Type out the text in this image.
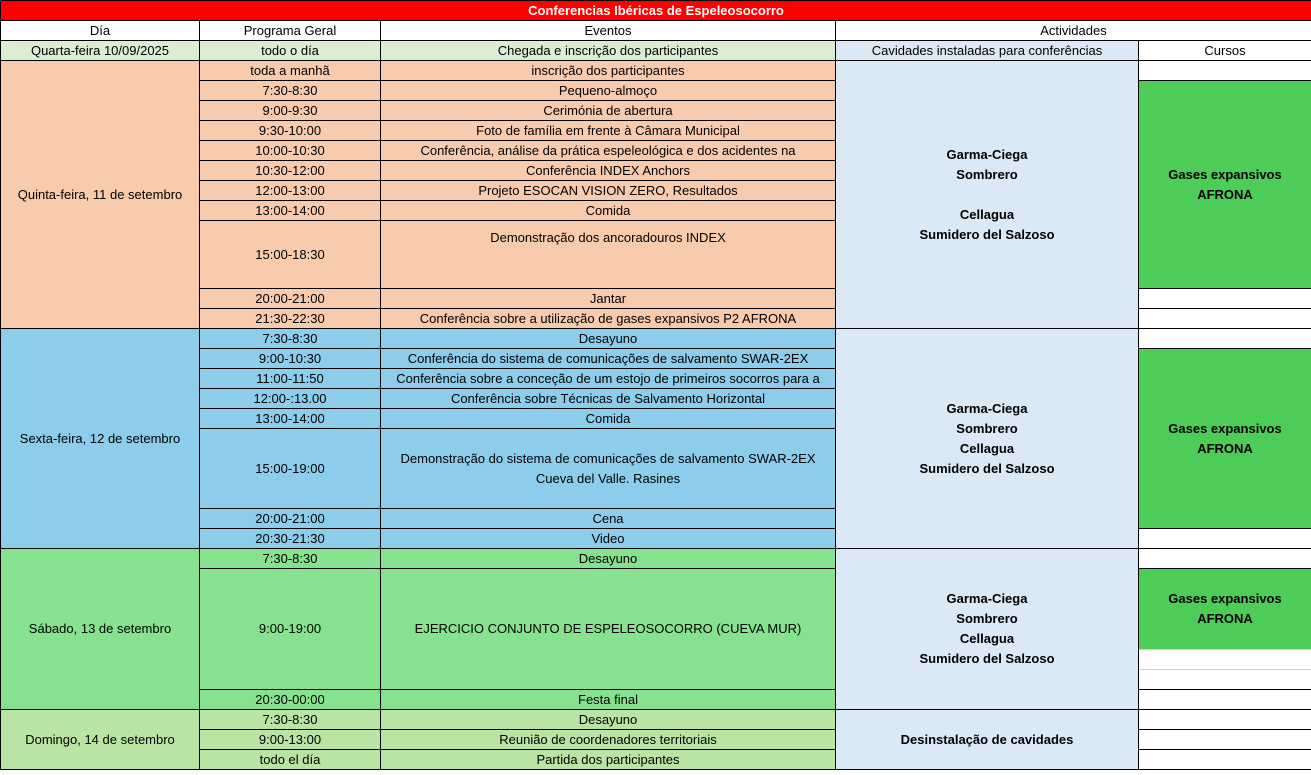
Conferencias Ibéricas de Espeleosocorro				
Día	Programa Geral	Eventos	Actividades	
Quarta-feira 10/09/2025	todo o día	Chegada e inscrição dos participantes	Cavidades instaladas para conferências	Cursos
Quinta-feira, 11 de setembro	toda a manhã	inscrição dos participantes	Garma-Ciega
Sombrero

Cellagua
Sumidero del Salzoso	

	7:30-8:30	Pequeno-almoço		Gases expansivos
AFRONA

	9:00-9:30	Cerimónia de abertura		
	9:30-10:00	Foto de família em frente à Câmara Municipal		
	10:00-10:30	Conferência, análise da prática espeleológica e dos acidentes na		
	10:30-12:00	Conferência INDEX Anchors		
	12:00-13:00	Projeto ESOCAN VISION ZERO, Resultados		
	13:00-14:00	Comida		
	15:00-18:30	Demonstração dos ancoradouros INDEX		
	20:00-21:00	Jantar		
	21:30-22:30	Conferência sobre a utilização de gases expansivos P2 AFRONA		
Sexta-feira, 12 de setembro	7:30-8:30	Desayuno	Garma-Ciega
Sombrero
Cellagua
Sumidero del Salzoso	

	9:00-10:30	Conferência do sistema de comunicações de salvamento SWAR-2EX		Gases expansivos
AFRONA

	11:00-11:50	Conferência sobre a conceção de um estojo de primeiros socorros para a		
	12:00-:13.00	Conferência sobre Técnicas de Salvamento Horizontal		
	13:00-14:00	Comida		
	15:00-19:00	Demonstração do sistema de comunicações de salvamento SWAR-2EX
Cueva del Valle. Rasines		

	20:00-21:00	Cena		
	20:30-21:30	Video		
Sábado, 13 de setembro	7:30-8:30	Desayuno	Garma-Ciega
Sombrero
Cellagua
Sumidero del Salzoso	

	9:00-19:00	EJERCICIO CONJUNTO DE ESPELEOSOCORRO (CUEVA MUR)		Gases expansivos
AFRONA

	20:30-00:00	Festa final		
Domingo, 14 de setembro	7:30-8:30	Desayuno	Desinstalação de cavidades	
	9:00-13:00	Reunião de coordenadores territoriais		
	todo el día	Partida dos participantes		
